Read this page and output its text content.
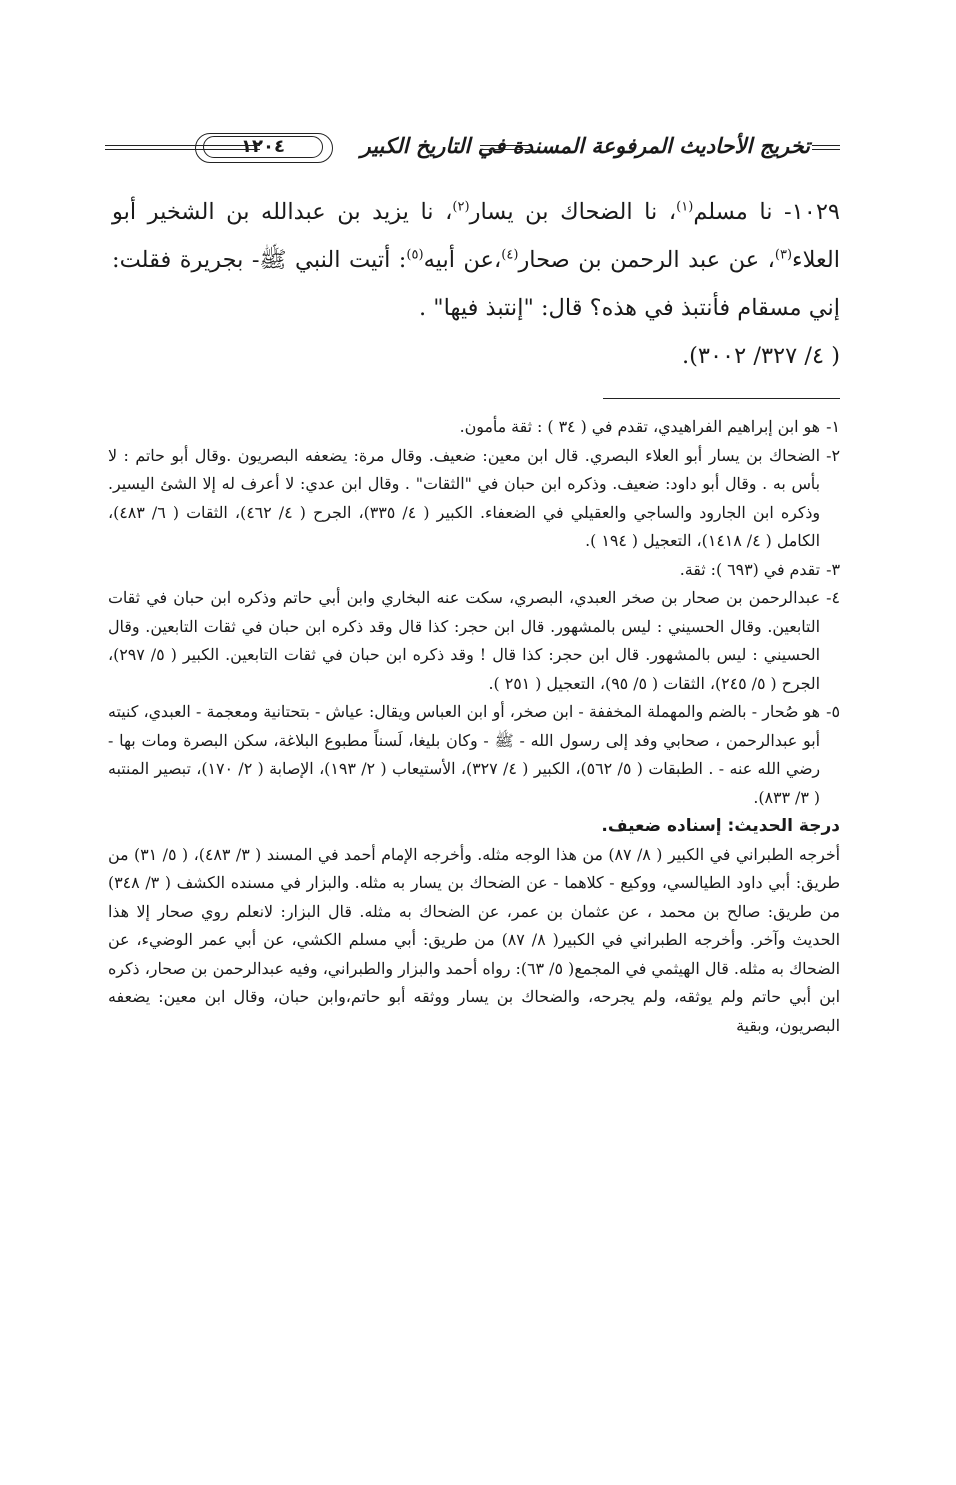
تخريج الأحاديث المرفوعة المسندة في التاريخ الكبير
١٢٠٤

١٠٢٩- نا مسلم$^{(١)}$، نا الضحاك بن يسار$^{(٢)}$، نا يزيد بن عبدالله بن الشخير أبو العلاء$^{(٣)}$، عن عبد الرحمن بن صحار$^{(٤)}$،عن أبيه$^{(٥)}$: أتيت النبي ﷺ- بجريرة فقلت: إني مسقام فأنتبذ في هذه؟ قال: "إنتبذ فيها" .

( ٤/ ٣٢٧/ ٣٠٠٢).

١-هو ابن إبراهيم الفراهيدي، تقدم في ( ٣٤ ) : ثقة مأمون.
٢-الضحاك بن يسار أبو العلاء البصري. قال ابن معين: ضعيف. وقال مرة: يضعفه البصريون .وقال أبو حاتم : لا بأس به . وقال أبو داود: ضعيف. وذكره ابن حبان في "الثقات" . وقال ابن عدي: لا أعرف له إلا الشئ اليسير. وذكره ابن الجارود والساجي والعقيلي في الضعفاء. الكبير ( ٤/ ٣٣٥)، الجرح ( ٤/ ٤٦٢)، الثقات ( ٦/ ٤٨٣)، الكامل ( ٤/ ١٤١٨)، التعجيل ( ١٩٤ ).
٣-تقدم في (٦٩٣ ): ثقة.
٤-عبدالرحمن بن صحار بن صخر العبدي، البصري، سكت عنه البخاري وابن أبي حاتم وذكره ابن حبان في ثقات التابعين. وقال الحسيني : ليس بالمشهور. قال ابن حجر: كذا قال وقد ذكره ابن حبان في ثقات التابعين. وقال الحسيني : ليس بالمشهور. قال ابن حجر: كذا قال ! وقد ذكره ابن حبان في ثقات التابعين. الكبير ( ٥/ ٢٩٧)، الجرح ( ٥/ ٢٤٥)، الثقات ( ٥/ ٩٥)، التعجيل ( ٢٥١ ).
٥-هو صُحار - بالضم والمهملة المخففة - ابن صخر، أو ابن العباس ويقال: عياش - بتحتانية ومعجمة - العبدي، كنيته أبو عبدالرحمن ، صحابي وفد إلى رسول الله - ﷺ - وكان بليغا، لَسناً مطبوع البلاغة، سكن البصرة ومات بها - رضي الله عنه - . الطبقات ( ٥/ ٥٦٢)، الكبير ( ٤/ ٣٢٧)، الأستيعاب ( ٢/ ١٩٣)، الإصابة ( ٢/ ١٧٠)، تبصير المنتبه ( ٣/ ٨٣٣).

درجة الحديث: إسناده ضعيف.

أخرجه الطبراني في الكبير ( ٨/ ٨٧) من هذا الوجه مثله. وأخرجه الإمام أحمد في المسند ( ٣/ ٤٨٣)، ( ٥/ ٣١) من طريق: أبي داود الطيالسي، ووكيع - كلاهما - عن الضحاك بن يسار به مثله. والبزار في مسنده الكشف ( ٣/ ٣٤٨) من طريق: صالح بن محمد ، عن عثمان بن عمر، عن الضحاك به مثله. قال البزار: لانعلم روي صحار إلا هذا الحديث وآخر. وأخرجه الطبراني في الكبير( ٨/ ٨٧) من طريق: أبي مسلم الكشي، عن أبي عمر الوضيء، عن الضحاك به مثله. قال الهيثمي في المجمع( ٥/ ٦٣): رواه أحمد والبزار والطبراني، وفيه عبدالرحمن بن صحار، ذكره ابن أبي حاتم ولم يوثقه، ولم يجرحه، والضحاك بن يسار ووثقه أبو حاتم،وابن حبان، وقال ابن معين: يضعفه البصريون، وبقية
